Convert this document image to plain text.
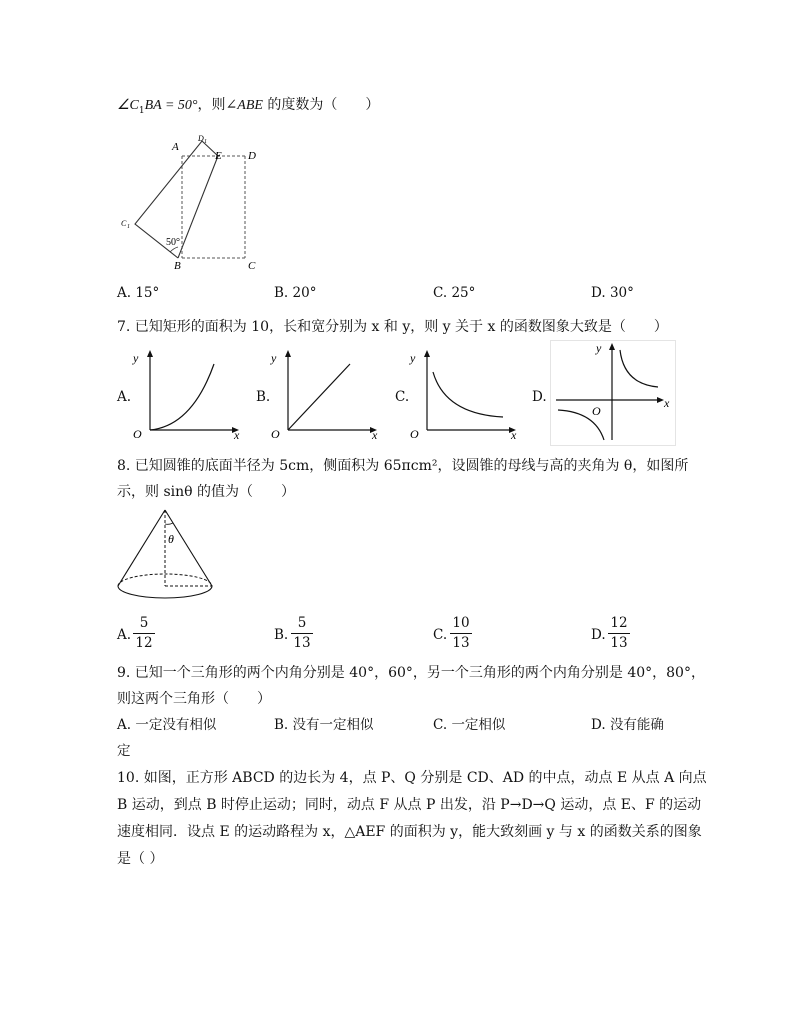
$\angle C_1BA = 50^\circ$，则∠ABE 的度数为（　　）
A
D 1
E D
C 1
50°
B	C
A. 15°	B. 20°	C. 25°	D. 30°
7. 已知矩形的面积为 10，长和宽分别为 x 和 y，则 y 关于 x 的函数图象大致是（　　）
A.
y
x
O
B.
y
x
O
C.
y
x
O
D.
y
x
O
8. 已知圆锥的底面半径为 5cm，侧面积为 65πcm²，设圆锥的母线与高的夹角为 θ，如图所
示，则 sinθ 的值为（　　）
θ
A.
5
12	B.
5
13	C.
10
13	D.
12
13
9. 已知一个三角形的两个内角分别是 40°，60°，另一个三角形的两个内角分别是 40°，80°，
则这两个三角形（　　）
A. 一定没有相似	B. 没有一定相似	C. 一定相似	D. 没有能确
定
10. 如图，正方形 ABCD 的边长为 4，点 P、Q 分别是 CD、AD 的中点，动点 E 从点 A 向点
B 运动，到点 B 时停止运动；同时，动点 F 从点 P 出发，沿 P→D→Q 运动，点 E、F 的运动
速度相同．设点 E 的运动路程为 x，△AEF 的面积为 y，能大致刻画 y 与 x 的函数关系的图象
是（ ）
